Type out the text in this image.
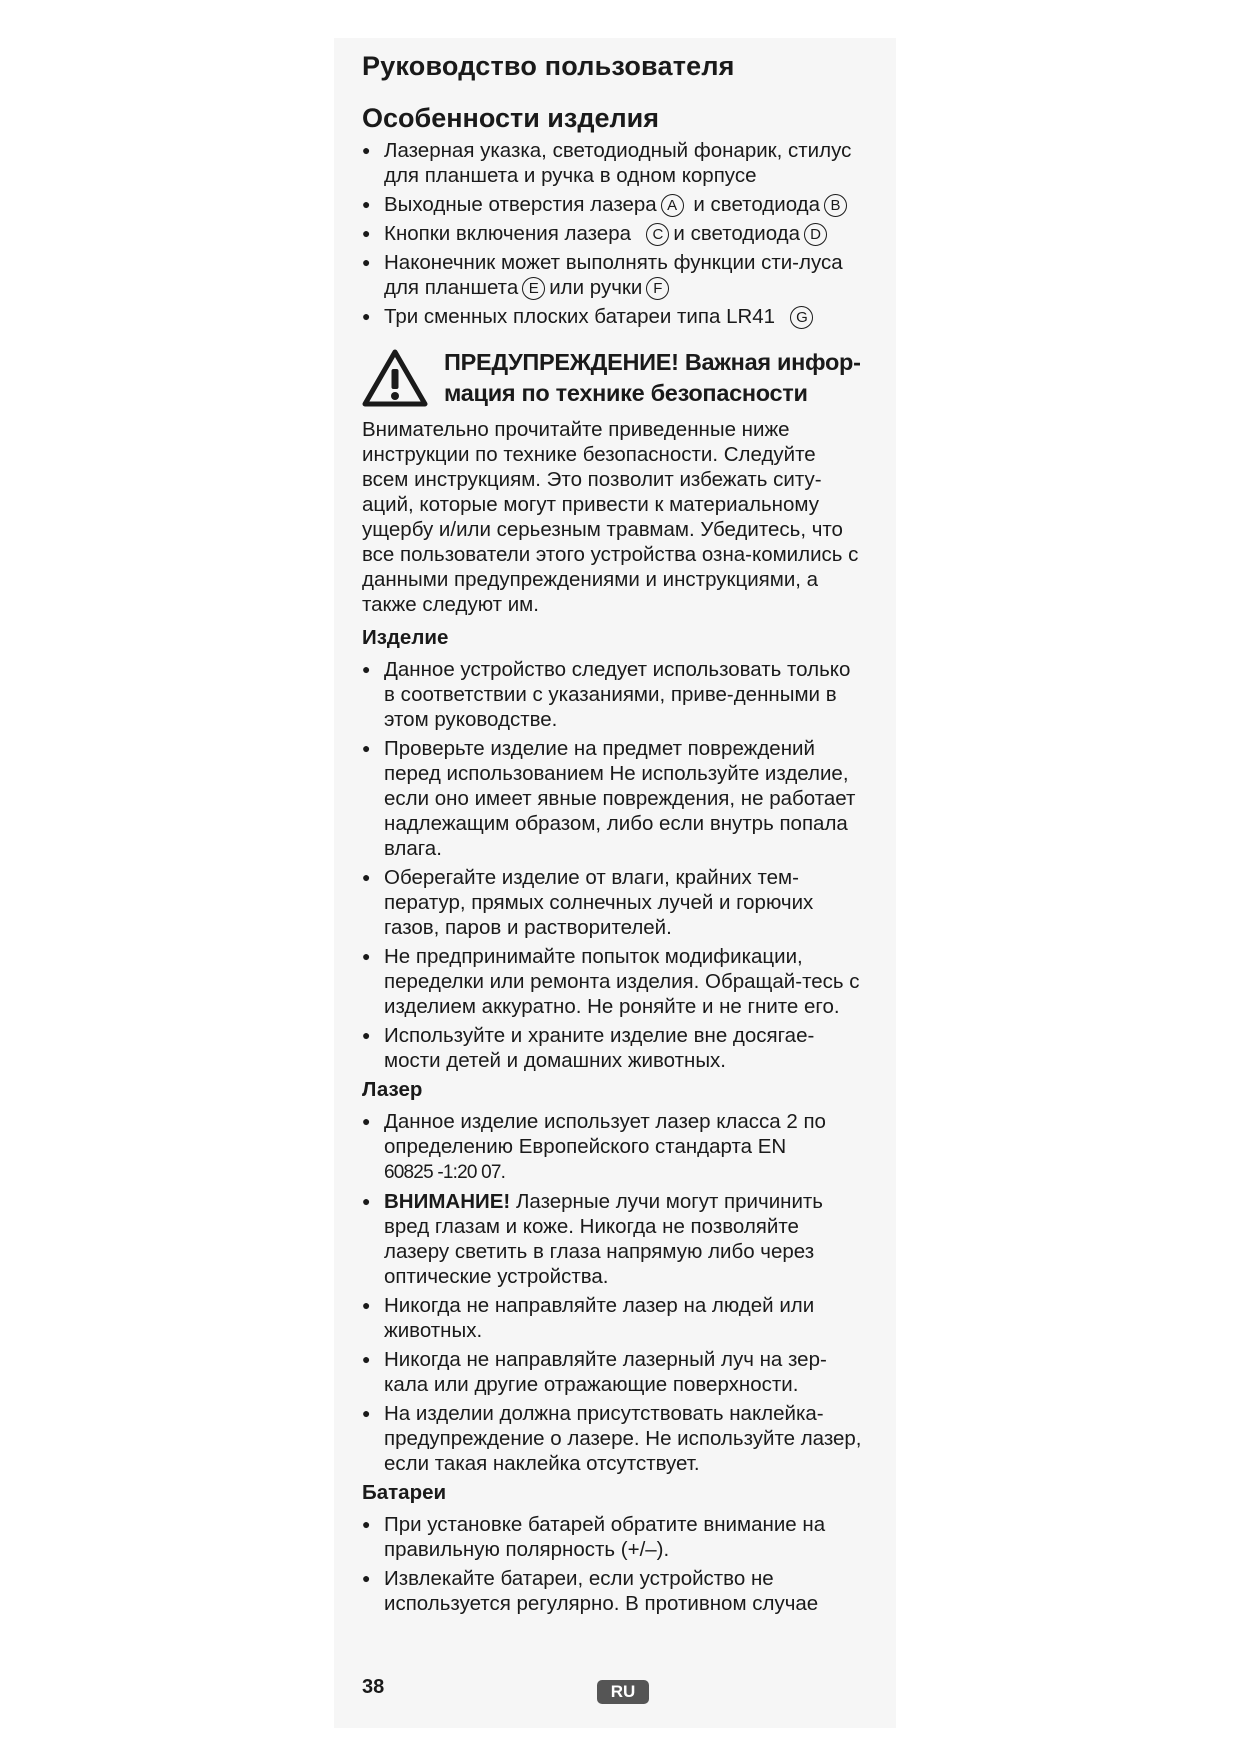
Руководство пользователя
Особенности изделия
● Лазерная указка, светодиодный фонарик, стилус для планшета и ручка в одном корпусе
● Выходные отверстия лазера A и светодиода B
● Кнопки включения лазера C и светодиода D
● Наконечник может выполнять функции сти-луса для планшета E или ручки F
● Три сменных плоских батареи типа LR41 G
ПРЕДУПРЕЖДЕНИЕ! Важная инфор-мация по технике безопасности

Внимательно прочитайте приведенные ниже инструкции по технике безопасности. Следуйте всем инструкциям. Это позволит избежать ситу-аций, которые могут привести к материальному ущербу и/или серьезным травмам. Убедитесь, что все пользователи этого устройства озна-комились с данными предупреждениями и инструкциями, а также следуют им.

Изделие
● Данное устройство следует использовать только в соответствии с указаниями, приве-денными в этом руководстве.
● Проверьте изделие на предмет повреждений перед использованием Не используйте изделие, если оно имеет явные повреждения, не работает надлежащим образом, либо если внутрь попала влага.
● Оберегайте изделие от влаги, крайних тем-ператур, прямых солнечных лучей и горючих газов, паров и растворителей.
● Не предпринимайте попыток модификации, переделки или ремонта изделия. Обращай-тесь с изделием аккуратно. Не роняйте и не гните его.
● Используйте и храните изделие вне досягае-мости детей и домашних животных.
Лазер
● Данное изделие использует лазер класса 2 по определению Европейского стандарта EN
60825 -1:20 07.
● ВНИМАНИЕ! Лазерные лучи могут причинить вред глазам и коже. Никогда не позволяйте лазеру светить в глаза напрямую либо через оптические устройства.
● Никогда не направляйте лазер на людей или животных.
● Никогда не направляйте лазерный луч на зер-кала или другие отражающие поверхности.
● На изделии должна присутствовать наклейка-предупреждение о лазере. Не используйте лазер, если такая наклейка отсутствует.
Батареи
● При установке батарей обратите внимание на правильную полярность (+/–).
● Извлекайте батареи, если устройство не используется регулярно. В противном случае
38	RU
